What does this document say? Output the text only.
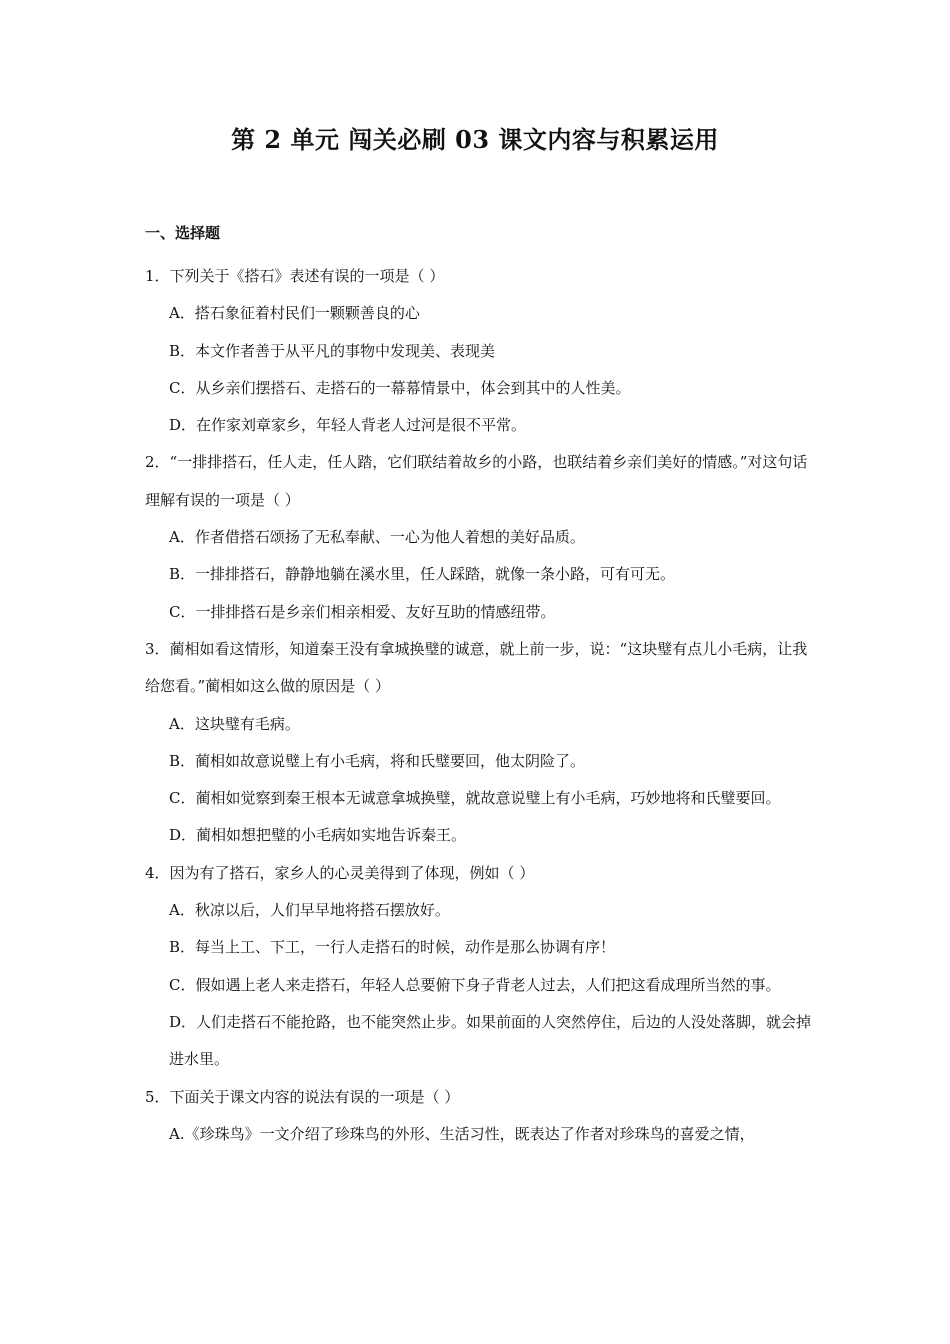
第 2 单元 闯关必刷 03 课文内容与积累运用
一、选择题

1．下列关于《搭石》表述有误的一项是（ ）

A．搭石象征着村民们一颗颗善良的心

B．本文作者善于从平凡的事物中发现美、表现美

C．从乡亲们摆搭石、走搭石的一幕幕情景中，体会到其中的人性美。

D．在作家刘章家乡，年轻人背老人过河是很不平常。

2．“一排排搭石，任人走，任人踏，它们联结着故乡的小路，也联结着乡亲们美好的情感。”对这句话理解有误的一项是（ ）

A．作者借搭石颂扬了无私奉献、一心为他人着想的美好品质。

B．一排排搭石，静静地躺在溪水里，任人踩踏，就像一条小路，可有可无。

C．一排排搭石是乡亲们相亲相爱、友好互助的情感纽带。

3．蔺相如看这情形，知道秦王没有拿城换璧的诚意，就上前一步，说：“这块璧有点儿小毛病，让我给您看。”蔺相如这么做的原因是（ ）

A．这块璧有毛病。

B．蔺相如故意说璧上有小毛病，将和氏璧要回，他太阴险了。

C．蔺相如觉察到秦王根本无诚意拿城换璧，就故意说璧上有小毛病，巧妙地将和氏璧要回。

D．蔺相如想把璧的小毛病如实地告诉秦王。

4．因为有了搭石，家乡人的心灵美得到了体现，例如（ ）

A．秋凉以后，人们早早地将搭石摆放好。

B．每当上工、下工，一行人走搭石的时候，动作是那么协调有序！

C．假如遇上老人来走搭石，年轻人总要俯下身子背老人过去，人们把这看成理所当然的事。

D．人们走搭石不能抢路，也不能突然止步。如果前面的人突然停住，后边的人没处落脚，就会掉进水里。

5．下面关于课文内容的说法有误的一项是（ ）

A.《珍珠鸟》一文介绍了珍珠鸟的外形、生活习性，既表达了作者对珍珠鸟的喜爱之情，
